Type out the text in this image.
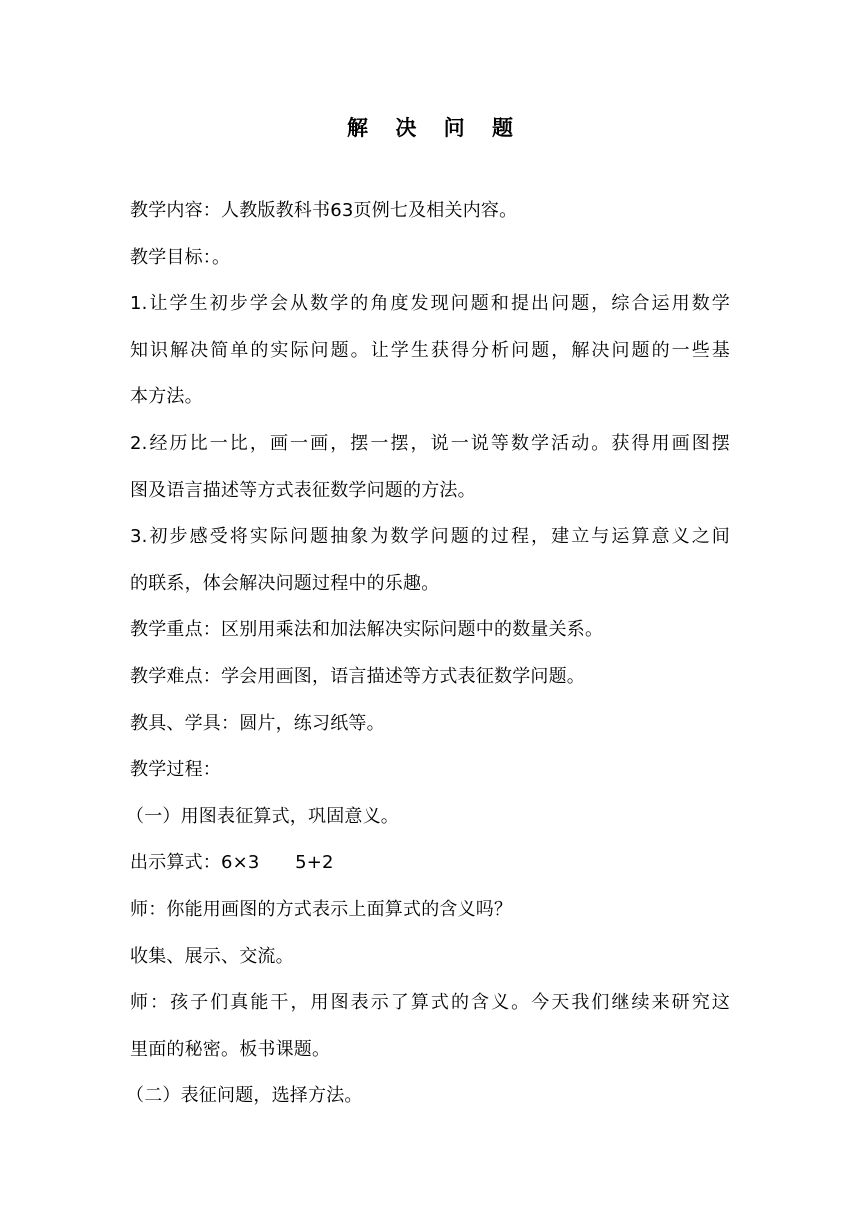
解 决 问 题
教学内容：人教版教科书63页例七及相关内容。
教学目标：。
1.让学生初步学会从数学的角度发现问题和提出问题，综合运用数学
知识解决简单的实际问题。让学生获得分析问题，解决问题的一些基
本方法。
2.经历比一比，画一画，摆一摆，说一说等数学活动。获得用画图摆
图及语言描述等方式表征数学问题的方法。
3.初步感受将实际问题抽象为数学问题的过程，建立与运算意义之间
的联系，体会解决问题过程中的乐趣。
教学重点：区别用乘法和加法解决实际问题中的数量关系。
教学难点：学会用画图，语言描述等方式表征数学问题。
教具、学具：圆片，练习纸等。
教学过程：
（一）用图表征算式，巩固意义。
出示算式：6×3      5+2
师：你能用画图的方式表示上面算式的含义吗？
收集、展示、交流。
师：孩子们真能干，用图表示了算式的含义。今天我们继续来研究这
里面的秘密。板书课题。
（二）表征问题，选择方法。
